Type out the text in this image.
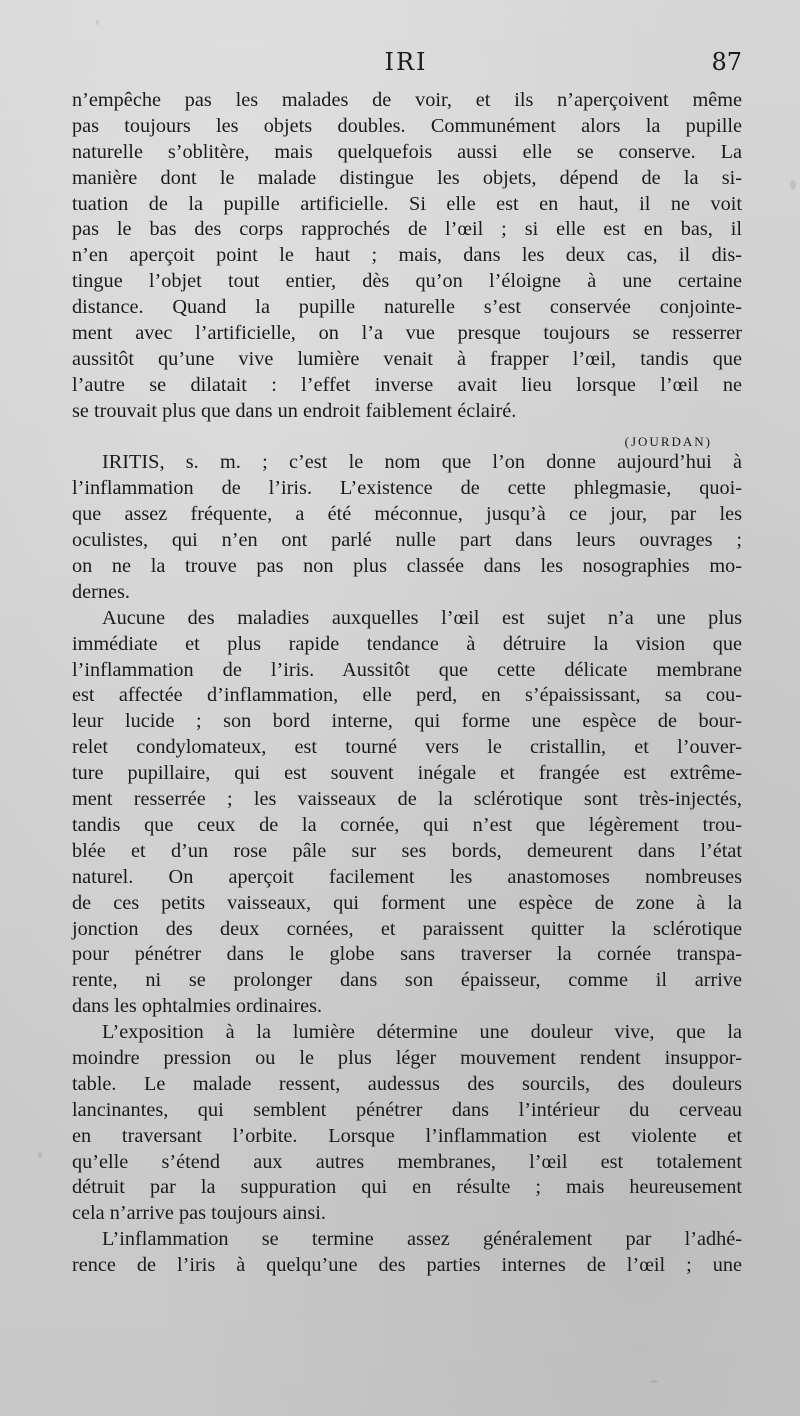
IRI	87
n’empêche pas les malades de voir, et ils n’aperçoivent même
pas toujours les objets doubles. Communément alors la pupille
naturelle s’oblitère, mais quelquefois aussi elle se conserve. La
manière dont le malade distingue les objets, dépend de la si-
tuation de la pupille artificielle. Si elle est en haut, il ne voit
pas le bas des corps rapprochés de l’œil ; si elle est en bas, il
n’en aperçoit point le haut ; mais, dans les deux cas, il dis-
tingue l’objet tout entier, dès qu’on l’éloigne à une certaine
distance. Quand la pupille naturelle s’est conservée conjointe-
ment avec l’artificielle, on l’a vue presque toujours se resserrer
aussitôt qu’une vive lumière venait à frapper l’œil, tandis que
l’autre se dilatait : l’effet inverse avait lieu lorsque l’œil ne
se trouvait plus que dans un endroit faiblement éclairé.
(JOURDAN)
IRITIS, s. m. ; c’est le nom que l’on donne aujourd’hui à
l’inflammation de l’iris. L’existence de cette phlegmasie, quoi-
que assez fréquente, a été méconnue, jusqu’à ce jour, par les
oculistes, qui n’en ont parlé nulle part dans leurs ouvrages ;
on ne la trouve pas non plus classée dans les nosographies mo-
dernes.
Aucune des maladies auxquelles l’œil est sujet n’a une plus
immédiate et plus rapide tendance à détruire la vision que
l’inflammation de l’iris. Aussitôt que cette délicate membrane
est affectée d’inflammation, elle perd, en s’épaississant, sa cou-
leur lucide ; son bord interne, qui forme une espèce de bour-
relet condylomateux, est tourné vers le cristallin, et l’ouver-
ture pupillaire, qui est souvent inégale et frangée est extrême-
ment resserrée ; les vaisseaux de la sclérotique sont très-injectés,
tandis que ceux de la cornée, qui n’est que légèrement trou-
blée et d’un rose pâle sur ses bords, demeurent dans l’état
naturel. On aperçoit facilement les anastomoses nombreuses
de ces petits vaisseaux, qui forment une espèce de zone à la
jonction des deux cornées, et paraissent quitter la sclérotique
pour pénétrer dans le globe sans traverser la cornée transpa-
rente, ni se prolonger dans son épaisseur, comme il arrive
dans les ophtalmies ordinaires.
L’exposition à la lumière détermine une douleur vive, que la
moindre pression ou le plus léger mouvement rendent insuppor-
table. Le malade ressent, audessus des sourcils, des douleurs
lancinantes, qui semblent pénétrer dans l’intérieur du cerveau
en traversant l’orbite. Lorsque l’inflammation est violente et
qu’elle s’étend aux autres membranes, l’œil est totalement
détruit par la suppuration qui en résulte ; mais heureusement
cela n’arrive pas toujours ainsi.
L’inflammation se termine assez généralement par l’adhé-
rence de l’iris à quelqu’une des parties internes de l’œil ; une
